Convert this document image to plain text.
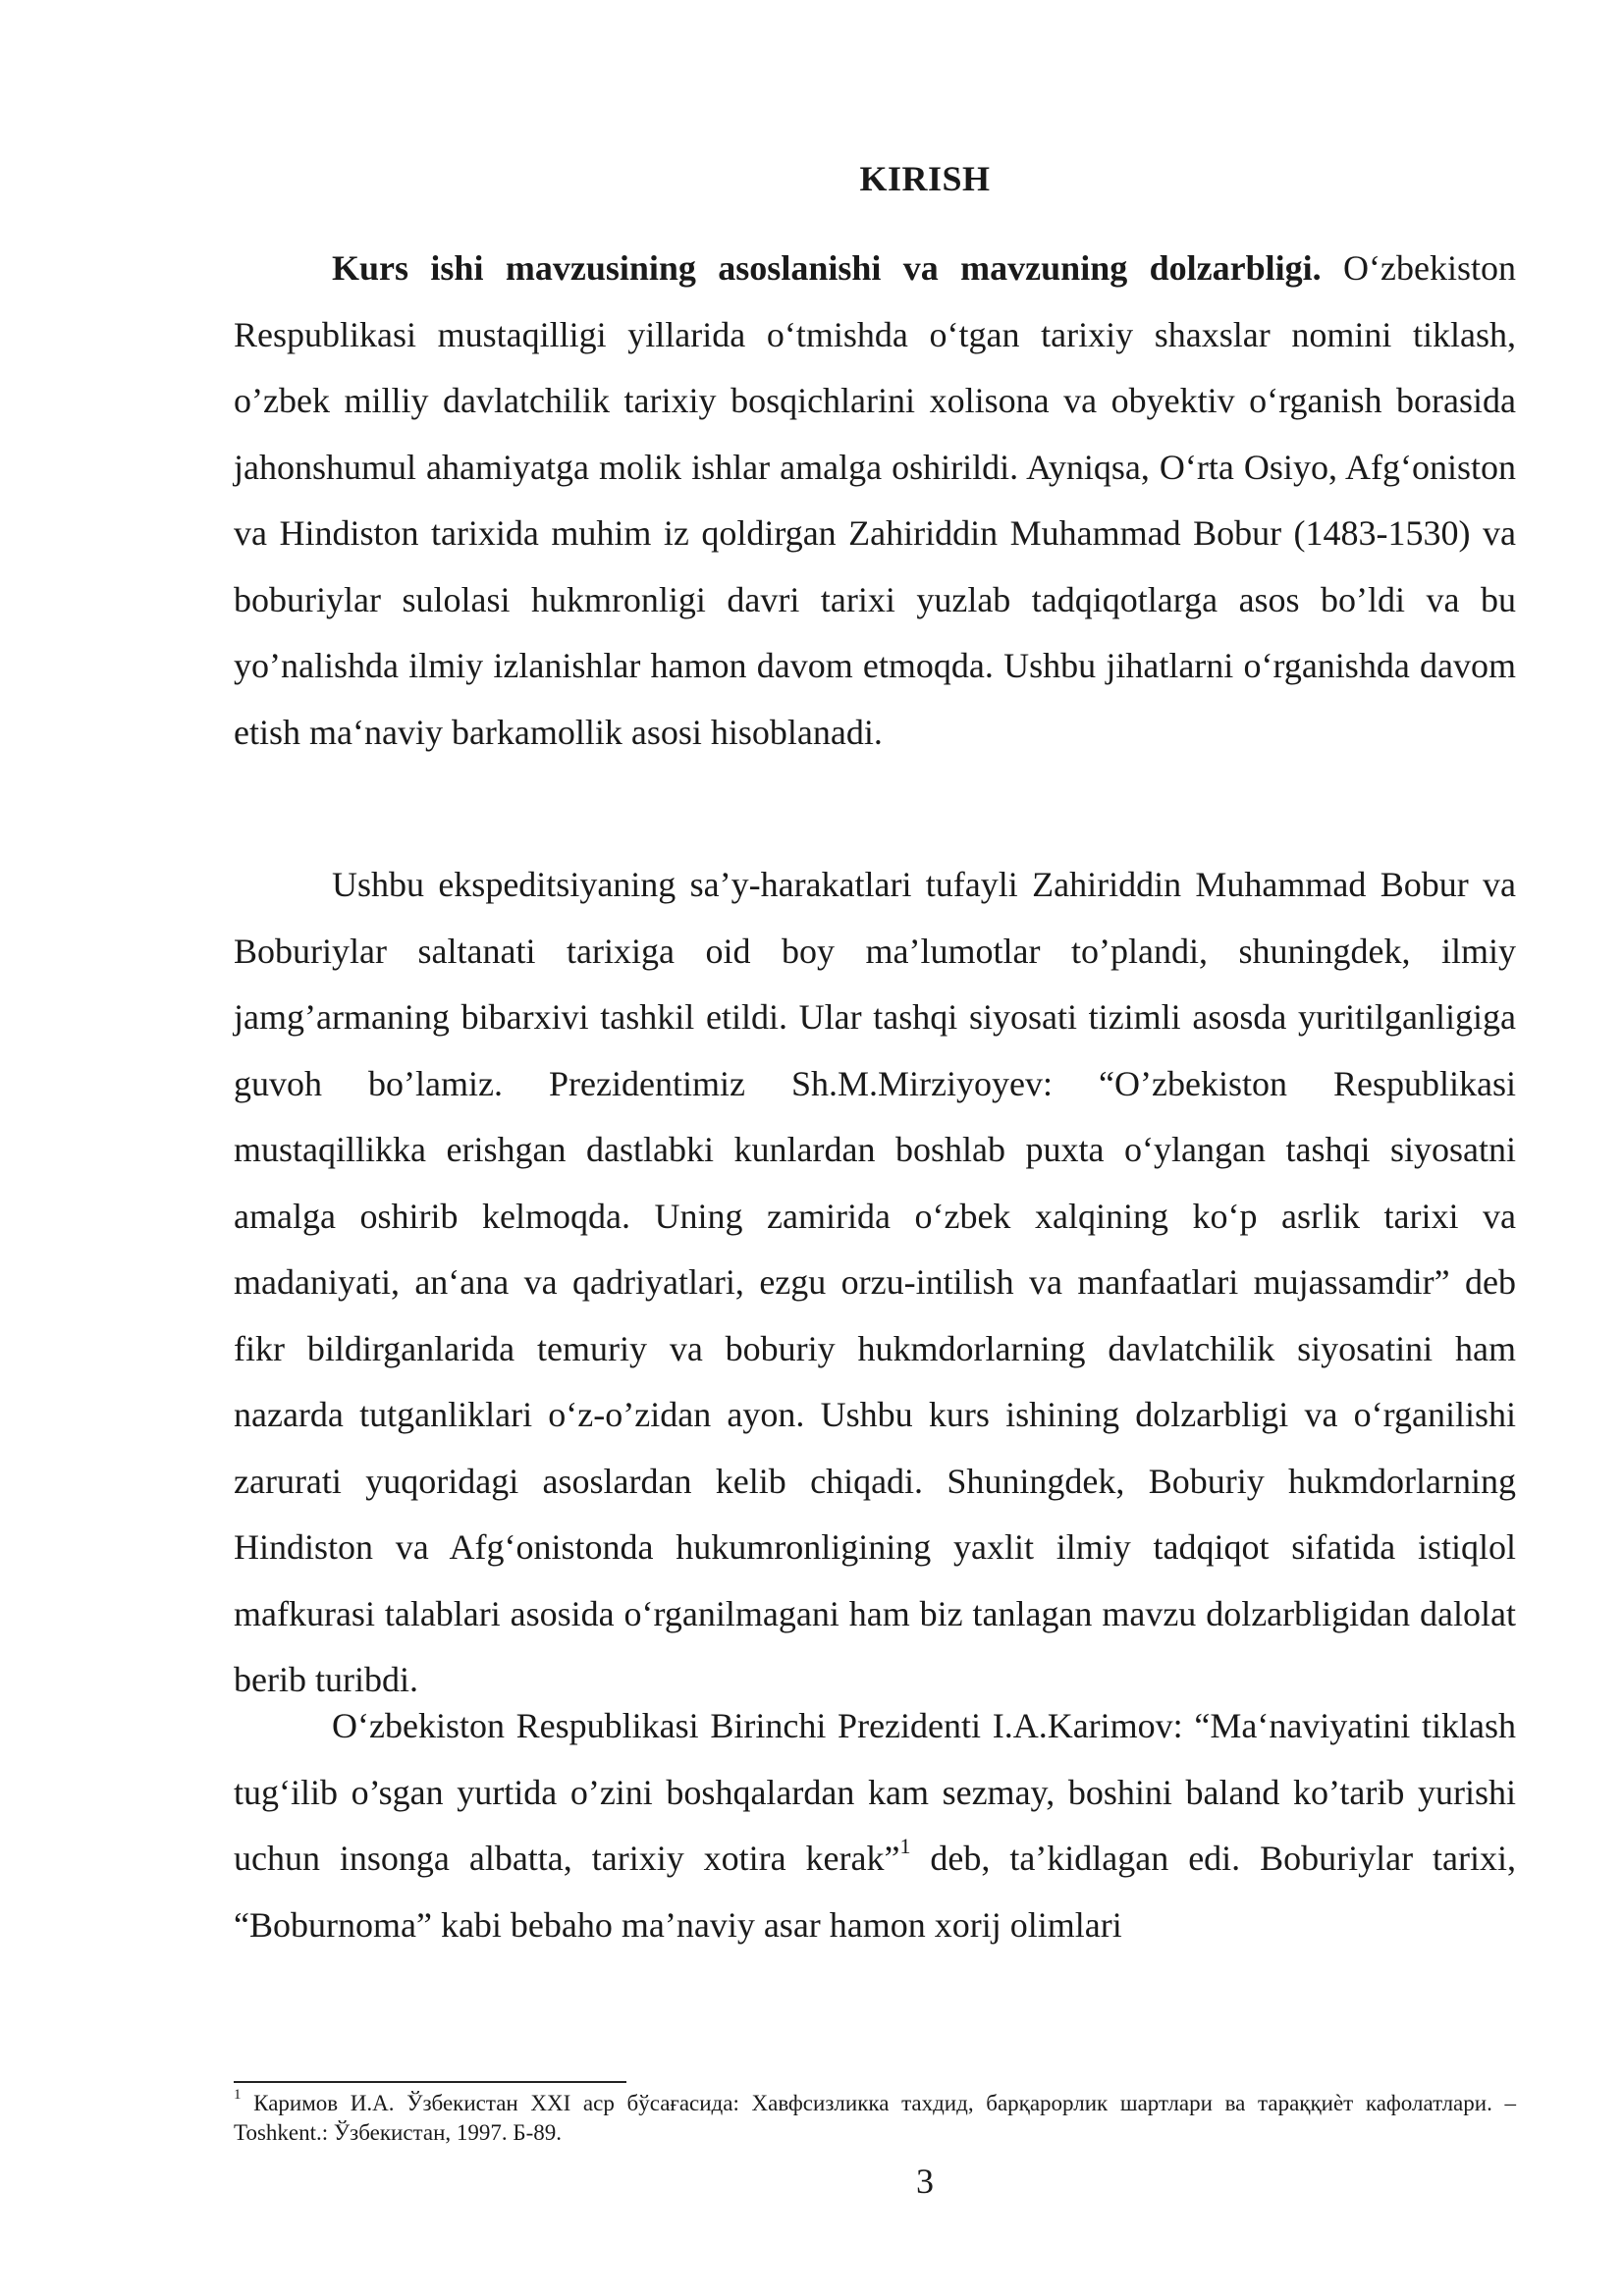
KIRISH

Kurs ishi mavzusining asoslanishi va mavzuning dolzarbligi. O‘zbekiston Respublikasi mustaqilligi yillarida o‘tmishda o‘tgan tarixiy shaxslar nomini tiklash, o’zbek milliy davlatchilik tarixiy bosqichlarini xolisona va obyektiv o‘rganish borasida jahonshumul ahamiyatga molik ishlar amalga oshirildi. Ayniqsa, O‘rta Osiyo, Afg‘oniston va Hindiston tarixida muhim iz qoldirgan Zahiriddin Muhammad Bobur (1483-1530) va boburiylar sulolasi hukmronligi davri tarixi yuzlab tadqiqotlarga asos bo’ldi va bu yo’nalishda ilmiy izlanishlar hamon davom etmoqda. Ushbu jihatlarni o‘rganishda davom etish ma‘naviy barkamollik asosi hisoblanadi.

Ushbu ekspeditsiyaning sa’y-harakatlari tufayli Zahiriddin Muhammad Bobur va Boburiylar saltanati tarixiga oid boy ma’lumotlar to’plandi, shuningdek, ilmiy jamg’armaning bibarxivi tashkil etildi. Ular tashqi siyosati tizimli asosda yuritilganligiga guvoh bo’lamiz. Prezidentimiz Sh.M.Mirziyoyev: “O’zbekiston Respublikasi mustaqillikka erishgan dastlabki kunlardan boshlab puxta o‘ylangan tashqi siyosatni amalga oshirib kelmoqda. Uning zamirida o‘zbek xalqining ko‘p asrlik tarixi va madaniyati, an‘ana va qadriyatlari, ezgu orzu-intilish va manfaatlari mujassamdir” deb fikr bildirganlarida temuriy va boburiy hukmdorlarning davlatchilik siyosatini ham nazarda tutganliklari o‘z-o’zidan ayon. Ushbu kurs ishining dolzarbligi va o‘rganilishi zarurati yuqoridagi asoslardan kelib chiqadi. Shuningdek, Boburiy hukmdorlarning Hindiston va Afg‘onistonda hukumronligining yaxlit ilmiy tadqiqot sifatida istiqlol mafkurasi talablari asosida o‘rganilmagani ham biz tanlagan mavzu dolzarbligidan dalolat berib turibdi.

O‘zbekiston Respublikasi Birinchi Prezidenti I.A.Karimov: “Ma‘naviyatini tiklash tug‘ilib o’sgan yurtida o’zini boshqalardan kam sezmay, boshini baland ko’tarib yurishi uchun insonga albatta, tarixiy xotira kerak”$^1$ deb, ta’kidlagan edi. Boburiylar tarixi, “Boburnoma” kabi bebaho ma’naviy asar hamon xorij olimlari

$^1$ Каримов И.А. Ўзбекистан XXI аср бўсағасида: Хавфсизликка тахдид, барқарорлик шартлари ва тараққиѐт кафолатлари. – Toshkent.: Ўзбекистан, 1997. Б-89.
3
